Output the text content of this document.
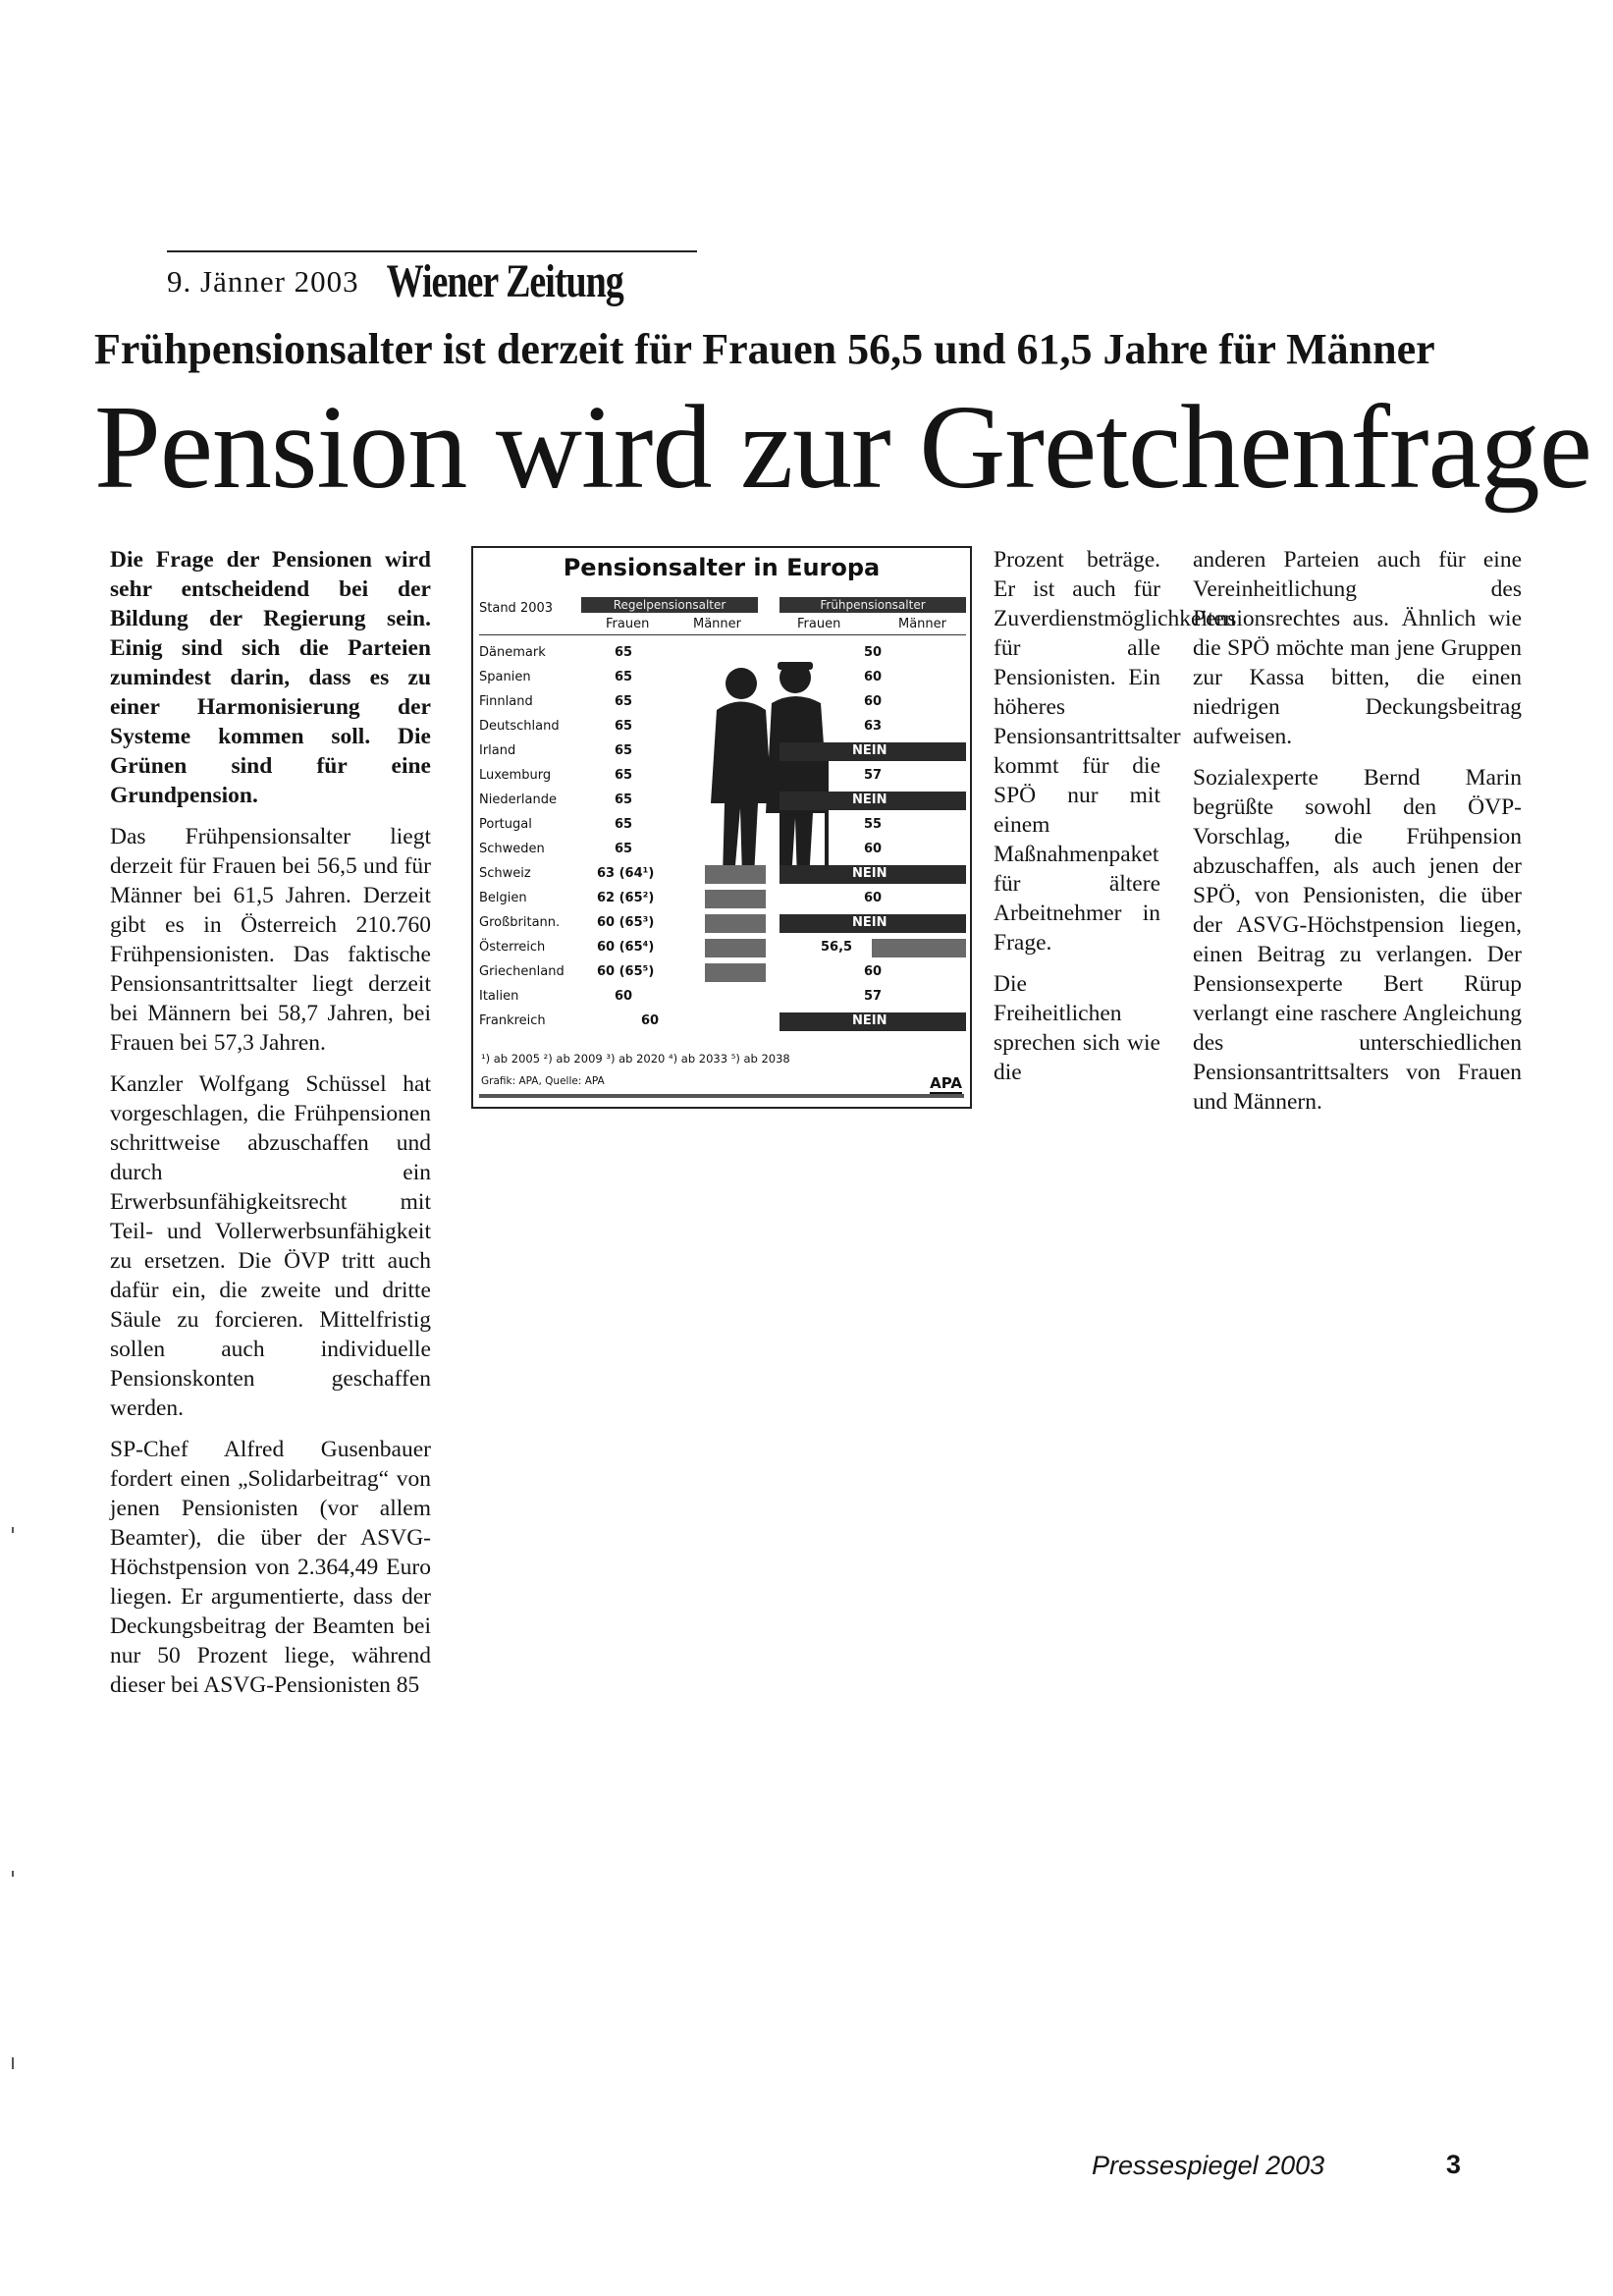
9. Jänner 2003 Wiener Zeitung
Frühpensionsalter ist derzeit für Frauen 56,5 und 61,5 Jahre für Männer
Pension wird zur Gretchenfrage

Die Frage der Pensionen wird sehr entscheidend bei der Bildung der Regierung sein. Einig sind sich die Parteien zumindest darin, dass es zu einer Harmonisierung der Systeme kommen soll. Die Grünen sind für eine Grundpension.

Das Frühpensionsalter liegt derzeit für Frauen bei 56,5 und für Männer bei 61,5 Jahren. Derzeit gibt es in Österreich 210.760 Frühpensionisten. Das faktische Pensionsantrittsalter liegt derzeit bei Männern bei 58,7 Jahren, bei Frauen bei 57,3 Jahren.

Kanzler Wolfgang Schüssel hat vorgeschlagen, die Frühpensionen schrittweise abzuschaffen und durch ein Erwerbsunfähigkeitsrecht mit Teil- und Vollerwerbsunfähigkeit zu ersetzen. Die ÖVP tritt auch dafür ein, die zweite und dritte Säule zu forcieren. Mittelfristig sollen auch individuelle Pensionskonten geschaffen werden.

SP-Chef Alfred Gusenbauer fordert einen „Solidarbeitrag“ von jenen Pensionisten (vor allem Beamter), die über der ASVG-Höchstpension von 2.364,49 Euro liegen. Er argumentierte, dass der Deckungsbeitrag der Beamten bei nur 50 Prozent liege, während dieser bei ASVG-Pensionisten 85

Pensionsalter in Europa
Stand 2003	Regelpensionsalter	Frühpensionsalter
Frauen	Männer	Frauen	Männer
Dänemark	65	50
Spanien	65	60
Finnland	65	60
Deutschland	65	63
Irland	65	NEIN
Luxemburg	65	57
Niederlande	65	NEIN
Portugal	65	55
Schweden	65	60
Schweiz	63 (64¹)	NEIN
Belgien	62 (65²)	60
Großbritann.	60 (65³)	NEIN
Österreich	60 (65⁴)	56,5
Griechenland	60 (65⁵)	60
Italien	60	57
Frankreich	60	NEIN
¹) ab 2005 ²) ab 2009 ³) ab 2020 ⁴) ab 2033 ⁵) ab 2038
Grafik: APA, Quelle: APA	APA

Prozent beträge. Er ist auch für Zuverdienstmöglichkeiten für alle Pensionisten. Ein höheres Pensionsantrittsalter kommt für die SPÖ nur mit einem Maßnahmenpaket für ältere Arbeitnehmer in Frage.

Die Freiheitlichen sprechen sich wie die

anderen Parteien auch für eine Vereinheitlichung des Pensionsrechtes aus. Ähnlich wie die SPÖ möchte man jene Gruppen zur Kassa bitten, die einen niedrigen Deckungsbeitrag aufweisen.

Sozialexperte Bernd Marin begrüßte sowohl den ÖVP-Vorschlag, die Frühpension abzuschaffen, als auch jenen der SPÖ, von Pensionisten, die über der ASVG-Höchstpension liegen, einen Beitrag zu verlangen. Der Pensionsexperte Bert Rürup verlangt eine raschere Angleichung des unterschiedlichen Pensionsantrittsalters von Frauen und Männern.

Pressespiegel 2003	3
